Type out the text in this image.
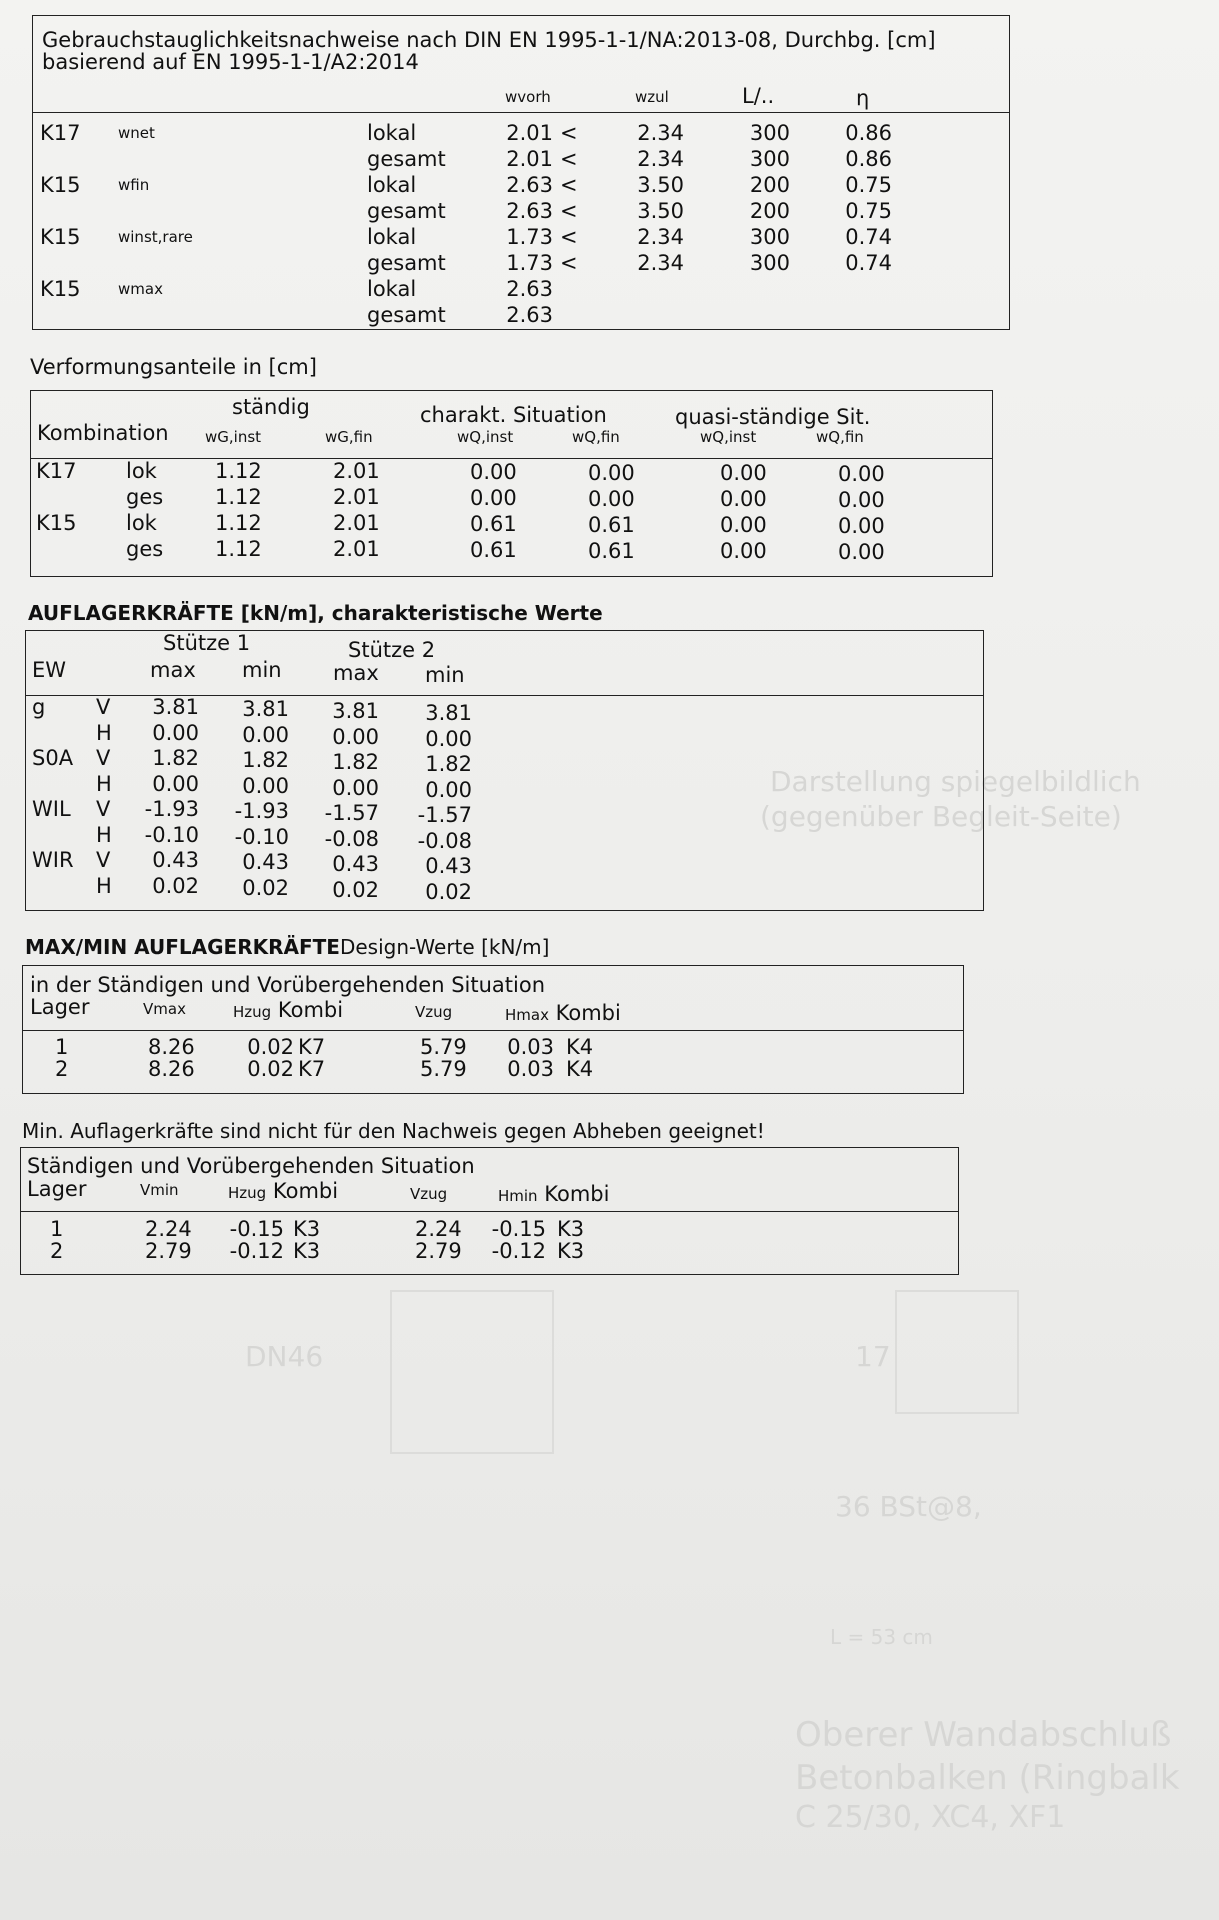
Darstellung spiegelbildlich
(gegenüber Begleit-Seite)
DN46	17
36 BSt@8,
L = 53 cm
Oberer Wandabschluß
Betonbalken (Ringbalk
C 25/30, XC4, XF1
Gebrauchstauglichkeitsnachweise nach DIN EN 1995-1-1/NA:2013-08, Durchbg. [cm]
basierend auf EN 1995-1-1/A2:2014
wvorh	wzul	L/..	η
K17	wnet	lokal	2.01 <	2.34	300	0.86
gesamt	2.01 <	2.34	300	0.86
K15	wfin	lokal	2.63 <	3.50	200	0.75
gesamt	2.63 <	3.50	200	0.75
K15	winst,rare	lokal	1.73 <	2.34	300	0.74
gesamt	1.73 <	2.34	300	0.74
K15	wmax	lokal	2.63
gesamt	2.63
Verformungsanteile in [cm]
ständig	charakt. Situation	quasi-ständige Sit.
Kombination wG,inst	wG,fin	wQ,inst	wQ,fin	wQ,inst	wQ,fin
K17 lok	1.12	2.01	0.00	0.00	0.00	0.00
ges 1.12	2.01	0.00	0.00	0.00	0.00
K15 lok	1.12	2.01	0.61	0.61	0.00	0.00
ges 1.12	2.01	0.61	0.61	0.00	0.00
AUFLAGERKRÄFTE [kN/m], charakteristische Werte
Stütze 1	Stütze 2
EW	max min max min
g V	3.81	3.81	3.81	3.81
H	0.00	0.00	0.00	0.00
S0A V	1.82	1.82	1.82	1.82
H	0.00	0.00	0.00	0.00
WIL V	-1.93	-1.93	-1.57	-1.57
H	-0.10	-0.10	-0.08	-0.08
WIR V	0.43	0.43	0.43	0.43
H	0.02	0.02	0.02	0.02
MAX/MIN AUFLAGERKRÄFTEDesign-Werte [kN/m]
in der Ständigen und Vorübergehenden Situation
Lager	Vmax	Hzug Kombi	Vzug	Hmax Kombi
1	8.26	0.02 K7	5.79	0.03 K4
2	8.26	0.02 K7	5.79	0.03 K4
Min. Auflagerkräfte sind nicht für den Nachweis gegen Abheben geeignet!
Ständigen und Vorübergehenden Situation
Lager	Vmin	Hzug Kombi	Vzug	Hmin Kombi
1	2.24	-0.15 K3	2.24	-0.15 K3
2	2.79	-0.12 K3	2.79	-0.12 K3
